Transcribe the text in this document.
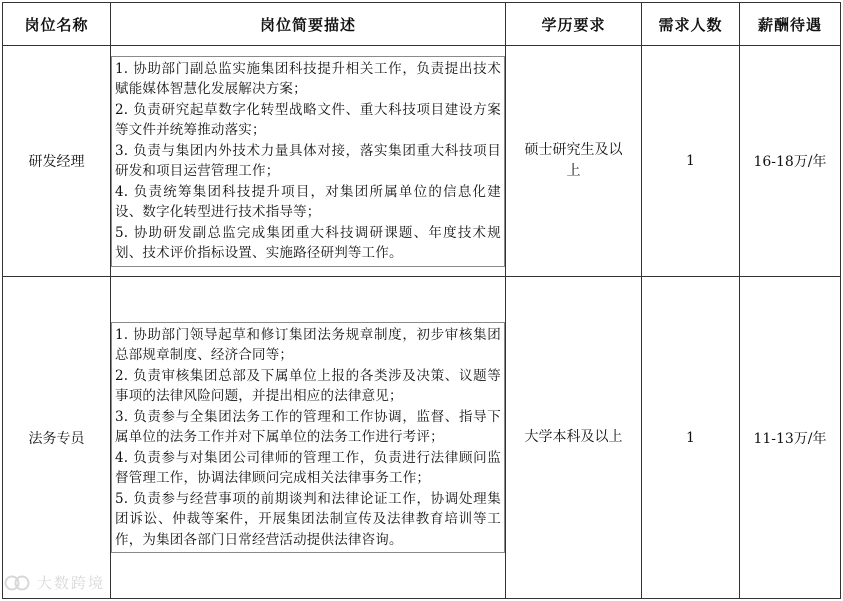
岗位名称	岗位简要描述	学历要求	需求人数	薪酬待遇
研发经理	1. 协助部门副总监实施集团科技提升相关工作，负责提出技术赋能媒体智慧化发展解决方案；
2. 负责研究起草数字化转型战略文件、重大科技项目建设方案等文件并统筹推动落实；
3. 负责与集团内外技术力量具体对接，落实集团重大科技项目研发和项目运营管理工作；
4. 负责统筹集团科技提升项目，对集团所属单位的信息化建设、数字化转型进行技术指导等；
5. 协助研发副总监完成集团重大科技调研课题、年度技术规划、技术评价指标设置、实施路径研判等工作。	硕士研究生及以
上	1	16-18万/年
法务专员	1. 协助部门领导起草和修订集团法务规章制度，初步审核集团总部规章制度、经济合同等；
2. 负责审核集团总部及下属单位上报的各类涉及决策、议题等事项的法律风险问题，并提出相应的法律意见；
3. 负责参与全集团法务工作的管理和工作协调，监督、指导下属单位的法务工作并对下属单位的法务工作进行考评；
4. 负责参与对集团公司律师的管理工作，负责进行法律顾问监督管理工作，协调法律顾问完成相关法律事务工作；
5. 负责参与经营事项的前期谈判和法律论证工作，协调处理集团诉讼、仲裁等案件，开展集团法制宣传及法律教育培训等工作，为集团各部门日常经营活动提供法律咨询。	大学本科及以上	1	11-13万/年
大数跨境
